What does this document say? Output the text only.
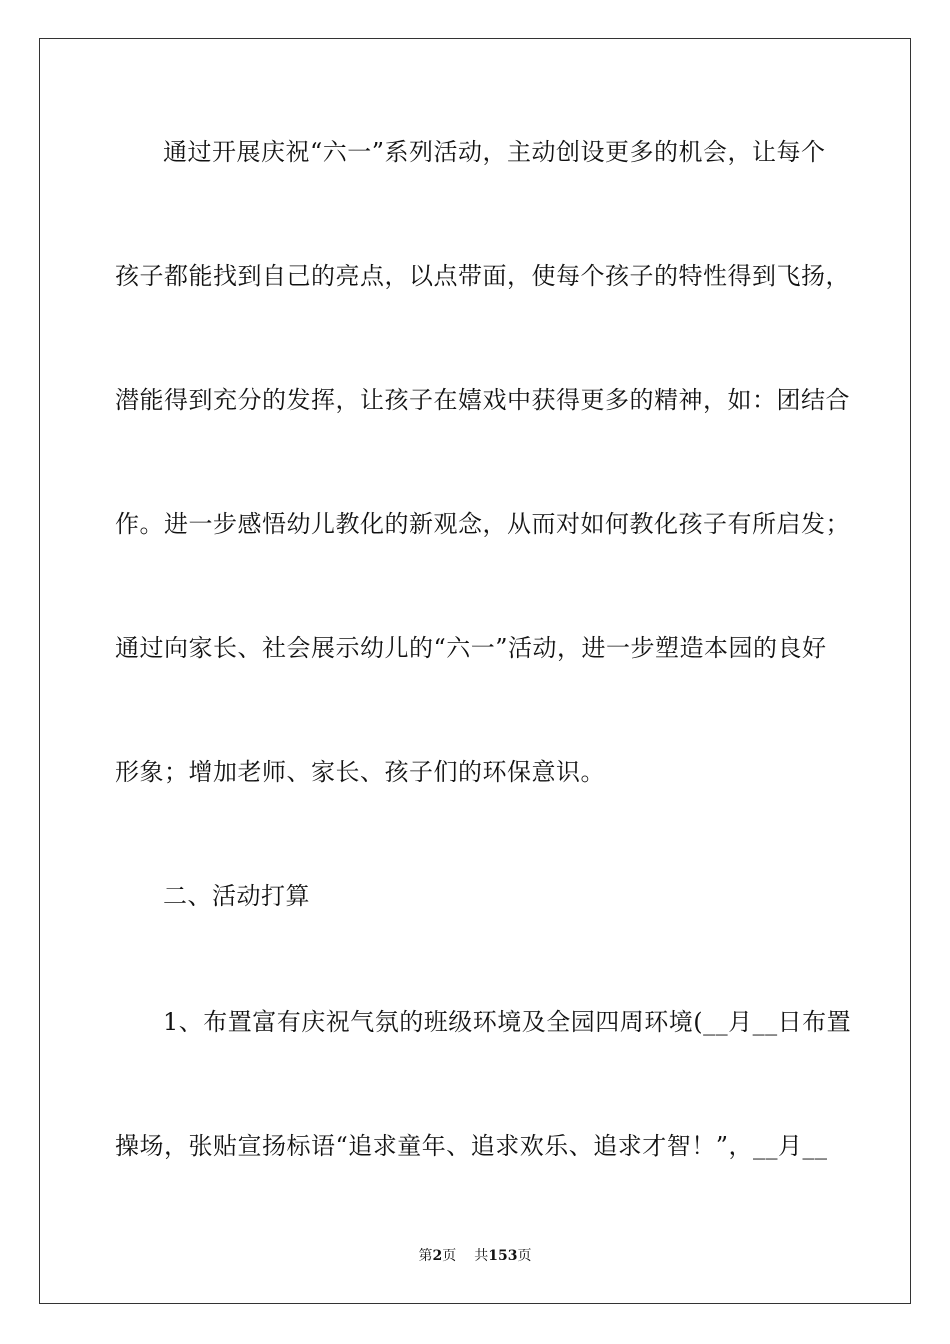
通过开展庆祝“六一”系列活动，主动创设更多的机会，让每个
孩子都能找到自己的亮点，以点带面，使每个孩子的特性得到飞扬，
潜能得到充分的发挥，让孩子在嬉戏中获得更多的精神，如：团结合
作。进一步感悟幼儿教化的新观念，从而对如何教化孩子有所启发；
通过向家长、社会展示幼儿的“六一”活动，进一步塑造本园的良好
形象；增加老师、家长、孩子们的环保意识。
二、活动打算
1、布置富有庆祝气氛的班级环境及全园四周环境(__月__日布置
操场，张贴宣扬标语“追求童年、追求欢乐、追求才智！”，__月__
第2页 共153页
